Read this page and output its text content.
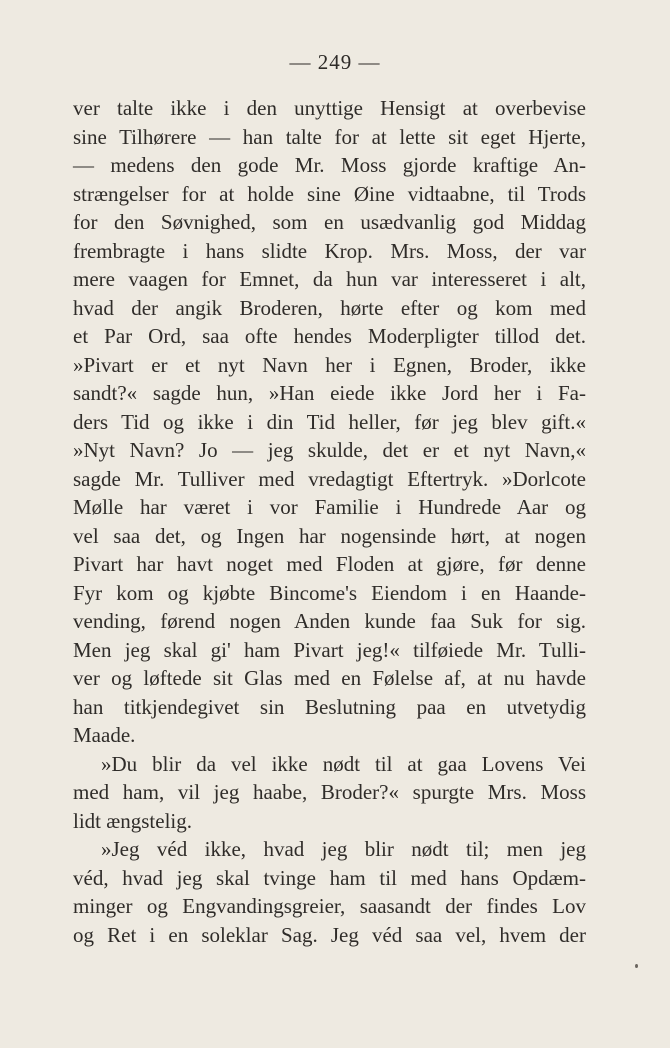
— 249 —
ver talte ikke i den unyttige Hensigt at overbevise
sine Tilhørere — han talte for at lette sit eget Hjerte,
— medens den gode Mr. Moss gjorde kraftige An-
strængelser for at holde sine Øine vidtaabne, til Trods
for den Søvnighed, som en usædvanlig god Middag
frembragte i hans slidte Krop. Mrs. Moss, der var
mere vaagen for Emnet, da hun var interesseret i alt,
hvad der angik Broderen, hørte efter og kom med
et Par Ord, saa ofte hendes Moderpligter tillod det.
»Pivart er et nyt Navn her i Egnen, Broder, ikke
sandt?« sagde hun, »Han eiede ikke Jord her i Fa-
ders Tid og ikke i din Tid heller, før jeg blev gift.«
»Nyt Navn? Jo — jeg skulde, det er et nyt Navn,«
sagde Mr. Tulliver med vredagtigt Eftertryk. »Dorlcote
Mølle har været i vor Familie i Hundrede Aar og
vel saa det, og Ingen har nogensinde hørt, at nogen
Pivart har havt noget med Floden at gjøre, før denne
Fyr kom og kjøbte Bincome's Eiendom i en Haande-
vending, førend nogen Anden kunde faa Suk for sig.
Men jeg skal gi' ham Pivart jeg!« tilføiede Mr. Tulli-
ver og løftede sit Glas med en Følelse af, at nu havde
han titkjendegivet sin Beslutning paa en utvetydig
Maade.
»Du blir da vel ikke nødt til at gaa Lovens Vei
med ham, vil jeg haabe, Broder?« spurgte Mrs. Moss
lidt ængstelig.
»Jeg véd ikke, hvad jeg blir nødt til; men jeg
véd, hvad jeg skal tvinge ham til med hans Opdæm-
minger og Engvandingsgreier, saasandt der findes Lov
og Ret i en soleklar Sag. Jeg véd saa vel, hvem der
